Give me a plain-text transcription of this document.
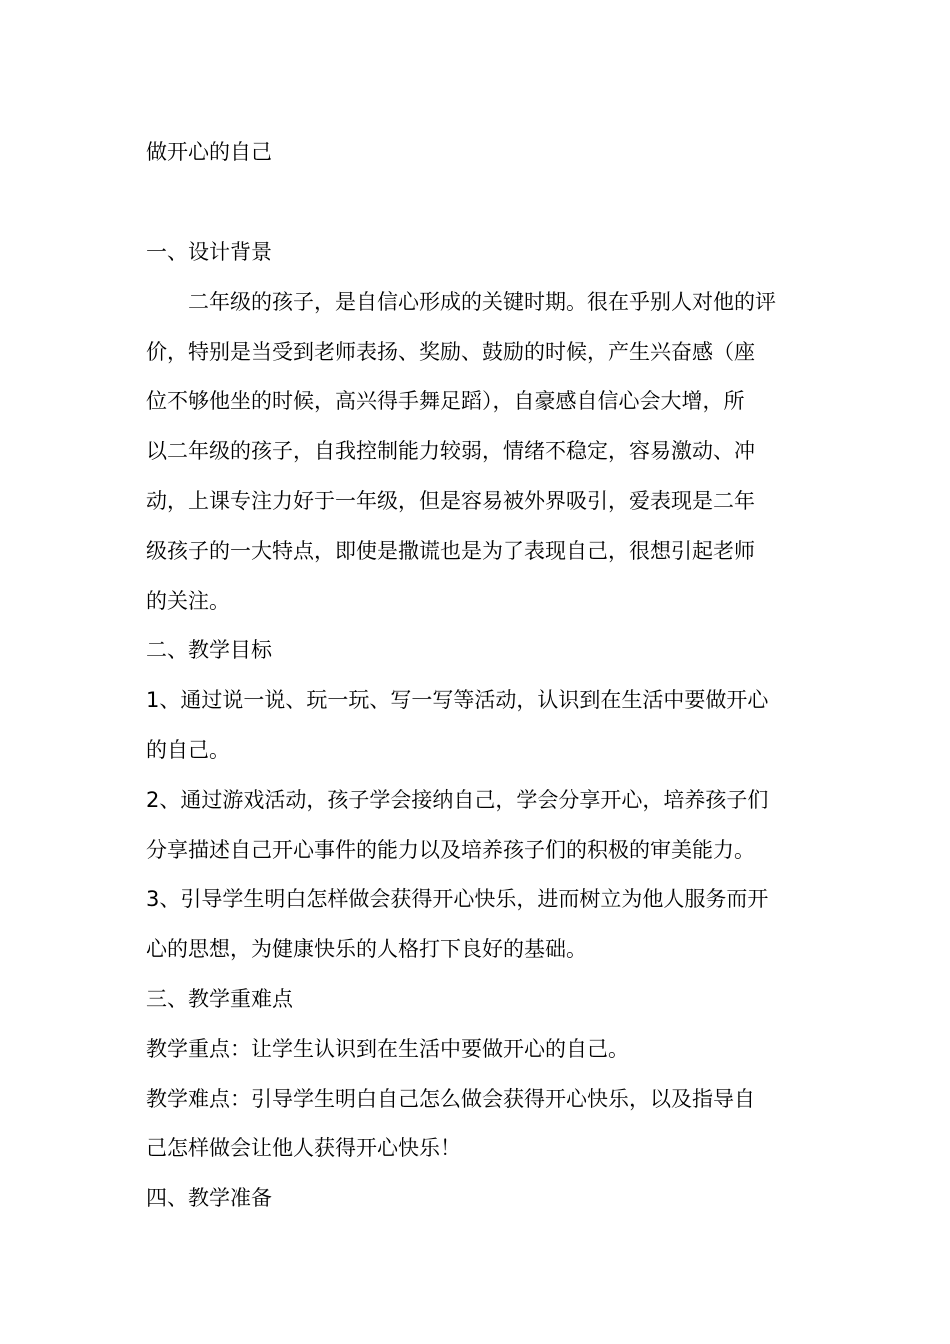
做开心的自己
一、设计背景
二年级的孩子，是自信心形成的关键时期。很在乎别人对他的评
价，特别是当受到老师表扬、奖励、鼓励的时候，产生兴奋感（座
位不够他坐的时候，高兴得手舞足蹈），自豪感自信心会大增，所
以二年级的孩子，自我控制能力较弱，情绪不稳定，容易激动、冲
动，上课专注力好于一年级，但是容易被外界吸引，爱表现是二年
级孩子的一大特点，即使是撒谎也是为了表现自己，很想引起老师
的关注。
二、教学目标
1、通过说一说、玩一玩、写一写等活动，认识到在生活中要做开心
的自己。
2、通过游戏活动，孩子学会接纳自己，学会分享开心，培养孩子们
分享描述自己开心事件的能力以及培养孩子们的积极的审美能力。
3、引导学生明白怎样做会获得开心快乐，进而树立为他人服务而开
心的思想，为健康快乐的人格打下良好的基础。
三、教学重难点
教学重点：让学生认识到在生活中要做开心的自己。
教学难点：引导学生明白自己怎么做会获得开心快乐，以及指导自
己怎样做会让他人获得开心快乐！
四、教学准备
